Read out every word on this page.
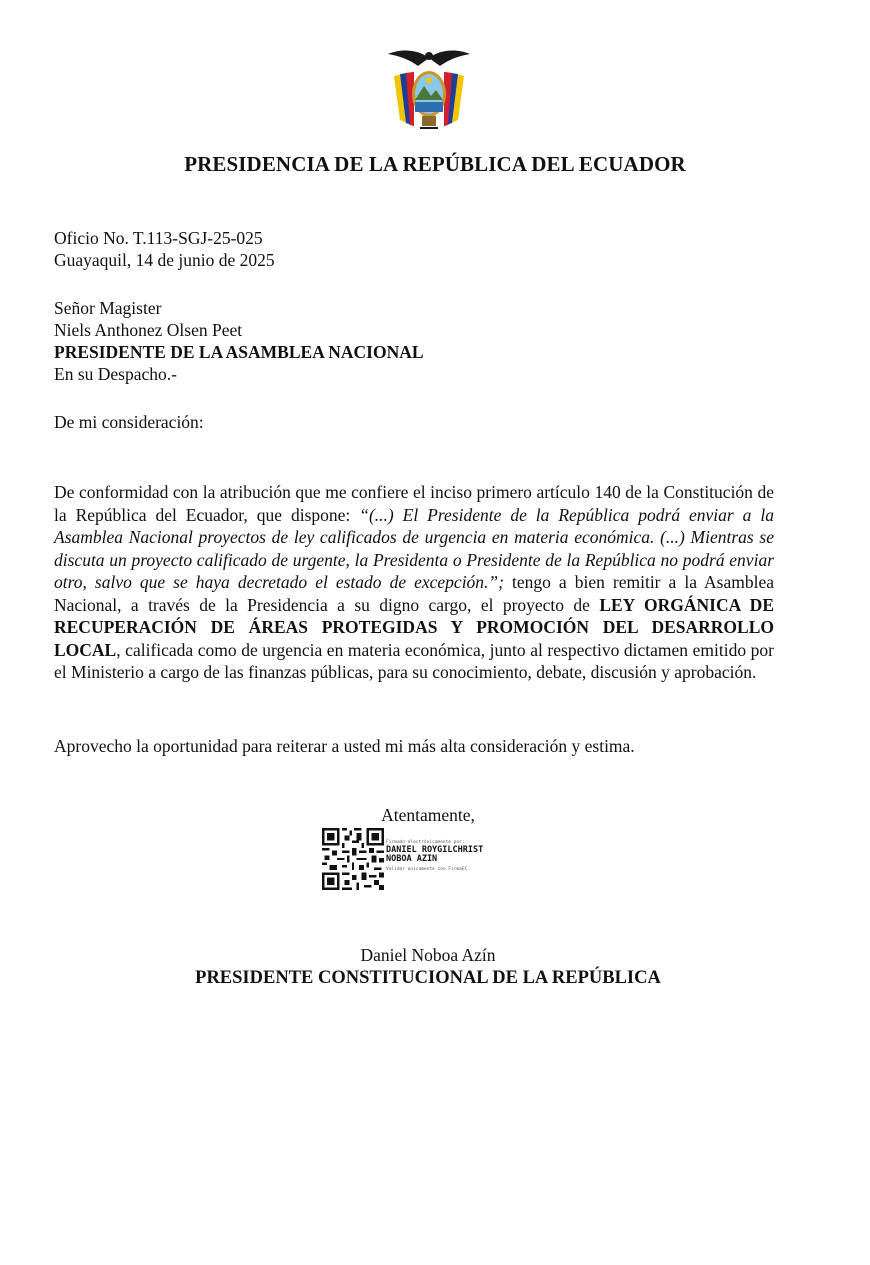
PRESIDENCIA DE LA REPÚBLICA DEL ECUADOR
Oficio No. T.113-SGJ-25-025
Guayaquil, 14 de junio de 2025
Señor Magister
Niels Anthonez Olsen Peet
PRESIDENTE DE LA ASAMBLEA NACIONAL
En su Despacho.-
De mi consideración:
De conformidad con la atribución que me confiere el inciso primero artículo 140 de la Constitución de la República del Ecuador, que dispone: “(...) El Presidente de la República podrá enviar a la Asamblea Nacional proyectos de ley calificados de urgencia en materia económica. (...) Mientras se discuta un proyecto calificado de urgente, la Presidenta o Presidente de la República no podrá enviar otro, salvo que se haya decretado el estado de excepción.”; tengo a bien remitir a la Asamblea Nacional, a través de la Presidencia a su digno cargo, el proyecto de LEY ORGÁNICA DE RECUPERACIÓN DE ÁREAS PROTEGIDAS Y PROMOCIÓN DEL DESARROLLO LOCAL, calificada como de urgencia en materia económica, junto al respectivo dictamen emitido por el Ministerio a cargo de las finanzas públicas, para su conocimiento, debate, discusión y aprobación.
Aprovecho la oportunidad para reiterar a usted mi más alta consideración y estima.
Atentamente,
Firmado electrónicamente por:
DANIEL ROYGILCHRIST
NOBOA AZIN
Validar únicamente con FirmaEC
Daniel Noboa Azín
PRESIDENTE CONSTITUCIONAL DE LA REPÚBLICA
